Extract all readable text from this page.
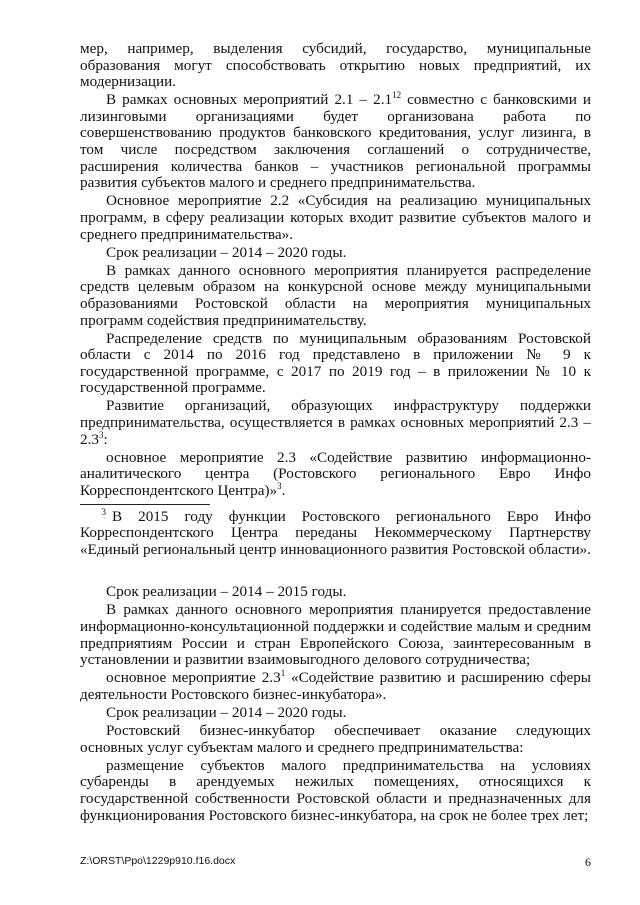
мер, например, выделения субсидий, государство, муниципальные образования могут способствовать открытию новых предприятий, их модернизации.

В рамках основных мероприятий $2.1 - 2.1^{12}$ совместно с банковскими и лизинговыми организациями будет организована работа по совершенствованию продуктов банковского кредитования, услуг лизинга, в том числе посредством заключения соглашений о сотрудничестве, расширения количества банков – участников региональной программы развития субъектов малого и среднего предпринимательства.

Основное мероприятие 2.2 «Субсидия на реализацию муниципальных программ, в сферу реализации которых входит развитие субъектов малого и среднего предпринимательства».

Срок реализации – 2014 – 2020 годы.

В рамках данного основного мероприятия планируется распределение средств целевым образом на конкурсной основе между муниципальными образованиями Ростовской области на мероприятия муниципальных программ содействия предпринимательству.

Распределение средств по муниципальным образованиям Ростовской области с 2014 по 2016 год представлено в приложении № 9 к государственной программе, с 2017 по 2019 год – в приложении № 10 к государственной программе.

Развитие организаций, образующих инфраструктуру поддержки предпринимательства, осуществляется в рамках основных мероприятий $2.3 - 2.3^3$:

основное мероприятие 2.3 «Содействие развитию информационно-аналитического центра (Ростовского регионального Евро Инфо Корреспондентского Центра)»$^3$.

$^3$ В 2015 году функции Ростовского регионального Евро Инфо Корреспондентского Центра переданы Некоммерческому Партнерству «Единый региональный центр инновационного развития Ростовской области».

Срок реализации – 2014 – 2015 годы.

В рамках данного основного мероприятия планируется предоставление информационно-консультационной поддержки и содействие малым и средним предприятиям России и стран Европейского Союза, заинтересованным в установлении и развитии взаимовыгодного делового сотрудничества;

основное мероприятие $2.3^1$ «Содействие развитию и расширению сферы деятельности Ростовского бизнес-инкубатора».

Срок реализации – 2014 – 2020 годы.

Ростовский бизнес-инкубатор обеспечивает оказание следующих основных услуг субъектам малого и среднего предпринимательства:

размещение субъектов малого предпринимательства на условиях субаренды в арендуемых нежилых помещениях, относящихся к государственной собственности Ростовской области и предназначенных для функционирования Ростовского бизнес-инкубатора, на срок не более трех лет;

Z:\ORST\Ppo\1229p910.f16.docx	6
